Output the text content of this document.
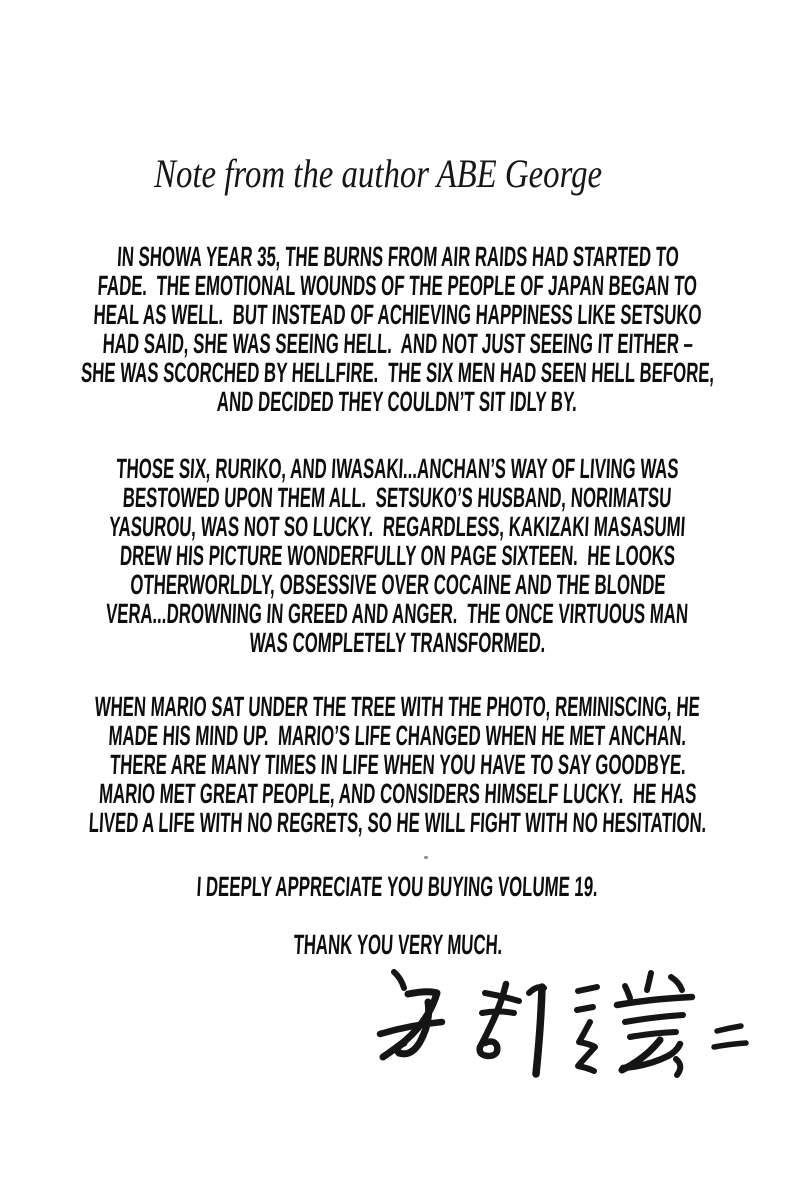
Note from the author ABE George
IN SHOWA YEAR 35, THE BURNS FROM AIR RAIDS HAD STARTED TO
FADE.  THE EMOTIONAL WOUNDS OF THE PEOPLE OF JAPAN BEGAN TO
HEAL AS WELL.  BUT INSTEAD OF ACHIEVING HAPPINESS LIKE SETSUKO
HAD SAID, SHE WAS SEEING HELL.  AND NOT JUST SEEING IT EITHER –
SHE WAS SCORCHED BY HELLFIRE.  THE SIX MEN HAD SEEN HELL BEFORE,
AND DECIDED THEY COULDN’T SIT IDLY BY.
THOSE SIX, RURIKO, AND IWASAKI...ANCHAN’S WAY OF LIVING WAS
BESTOWED UPON THEM ALL.  SETSUKO’S HUSBAND, NORIMATSU
YASUROU, WAS NOT SO LUCKY.  REGARDLESS, KAKIZAKI MASASUMI
DREW HIS PICTURE WONDERFULLY ON PAGE SIXTEEN.  HE LOOKS
OTHERWORLDLY, OBSESSIVE OVER COCAINE AND THE BLONDE
VERA...DROWNING IN GREED AND ANGER.  THE ONCE VIRTUOUS MAN
WAS COMPLETELY TRANSFORMED.
WHEN MARIO SAT UNDER THE TREE WITH THE PHOTO, REMINISCING, HE
MADE HIS MIND UP.  MARIO’S LIFE CHANGED WHEN HE MET ANCHAN.
THERE ARE MANY TIMES IN LIFE WHEN YOU HAVE TO SAY GOODBYE.
MARIO MET GREAT PEOPLE, AND CONSIDERS HIMSELF LUCKY.  HE HAS
LIVED A LIFE WITH NO REGRETS, SO HE WILL FIGHT WITH NO HESITATION.
I DEEPLY APPRECIATE YOU BUYING VOLUME 19.
THANK YOU VERY MUCH.
